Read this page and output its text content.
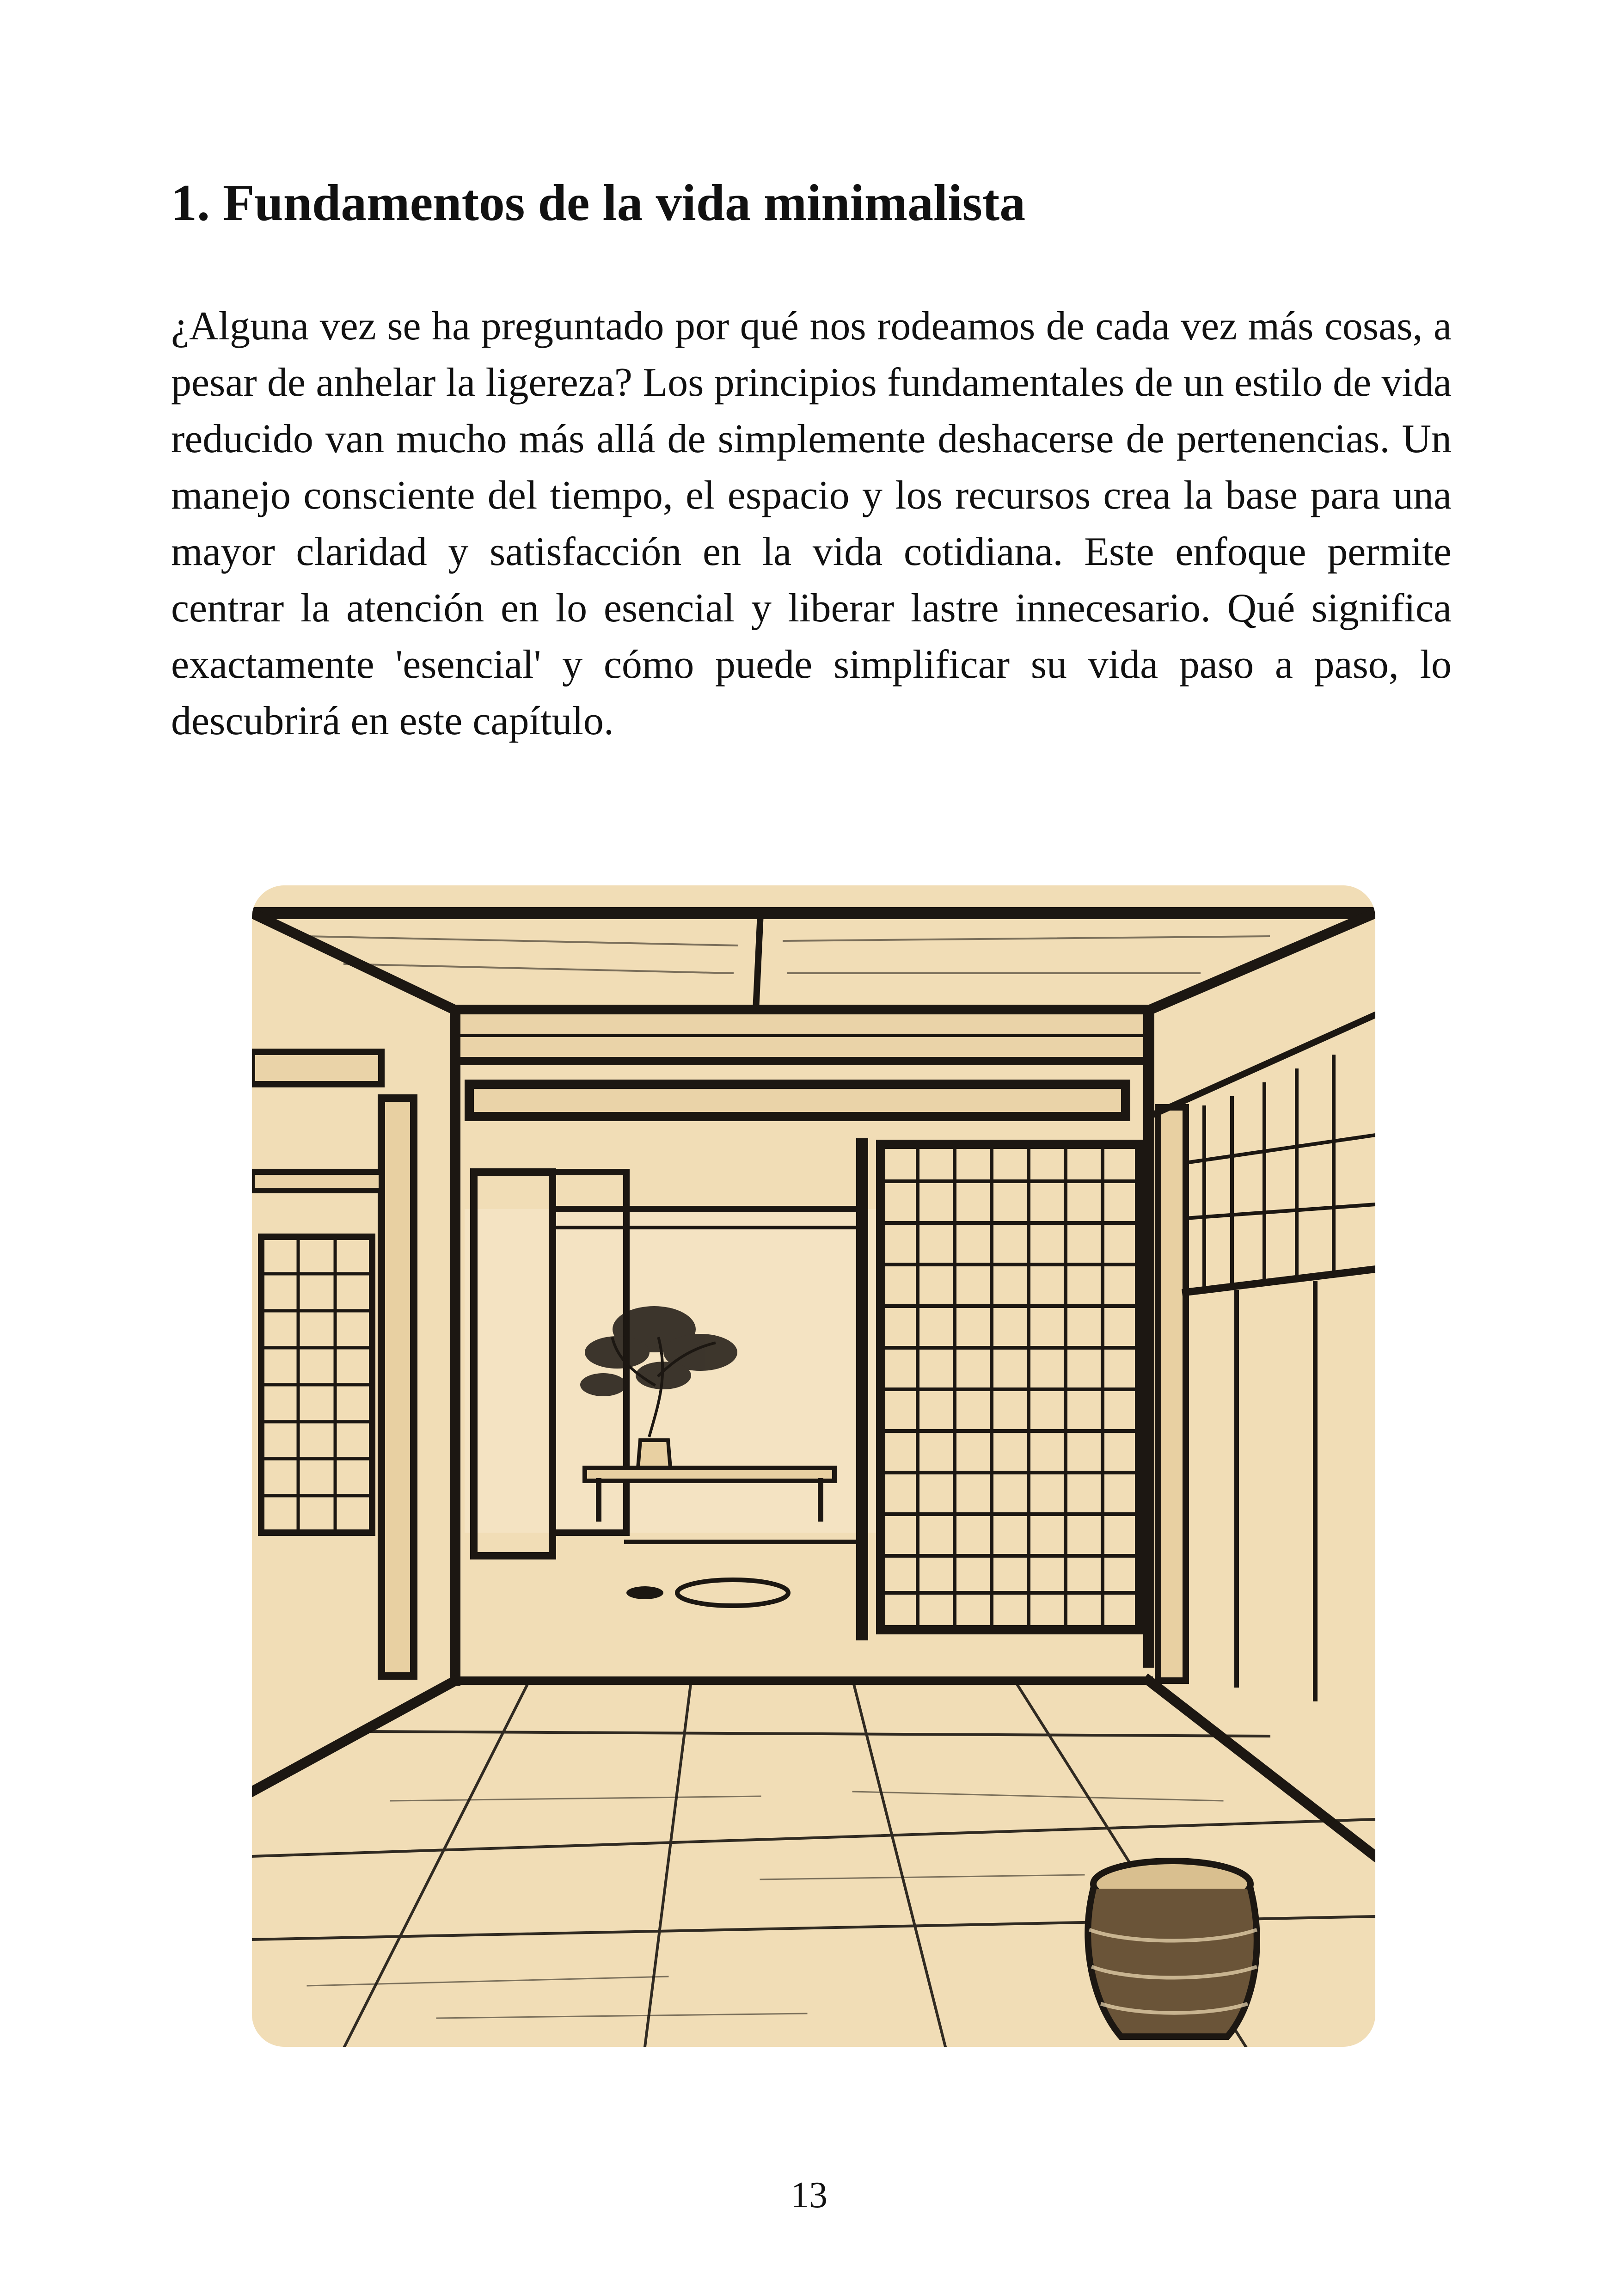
1. Fundamentos de la vida minimalista

¿Alguna vez se ha preguntado por qué nos rodeamos de cada vez más cosas, a pesar de anhelar la ligereza? Los principios fundamentales de un estilo de vida reducido van mucho más allá de simplemente deshacerse de pertenencias. Un manejo consciente del tiempo, el espacio y los recursos crea la base para una mayor claridad y satisfacción en la vida cotidiana. Este enfoque permite centrar la atención en lo esencial y liberar lastre innecesario. Qué significa exactamente 'esencial' y cómo puede simplificar su vida paso a paso, lo descubrirá en este capítulo.

13
